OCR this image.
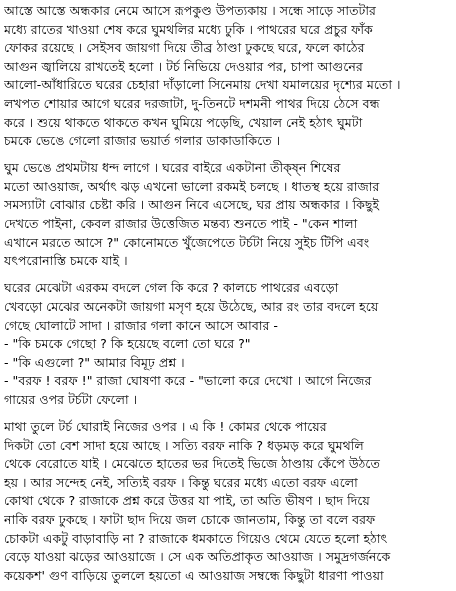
আস্তে আস্তে অন্ধকার নেমে আসে রূপকুণ্ড উপত্যকায় । সন্ধে সাড়ে সাতটার
মধ্যে রাতের খাওয়া শেষ করে ঘুমথলির মধ্যে ঢুকি । পাথরের ঘরে প্রচুর ফাঁক
ফোকর রয়েছে । সেইসব জায়গা দিয়ে তীব্র ঠাণ্ডা ঢুকছে ঘরে, ফলে কাঠের
আগুন জ্বালিয়ে রাখতেই হলো । টর্চ নিভিয়ে দেওয়ার পর, চাপা আগুনের
আলো-আঁধারিতে ঘরের চেহারা দাঁড়ালো সিনেমায় দেখা যমালয়ের দৃশ্যের মতো ।
লখপত শোয়ার আগে ঘরের দরজাটা, দু-তিনটে দশমনী পাথর দিয়ে ঠেসে বন্ধ
করে । শুয়ে থাকতে থাকতে কখন ঘুমিয়ে পড়েছি, খেয়াল নেই হঠাৎ ঘুমটা
চমকে ভেঙে গেলো রাজার ভয়ার্ত গলার ডাকাডাকিতে ।
ঘুম ভেঙে প্রথমটায় ধন্দ লাগে । ঘরের বাইরে একটানা তীক্ষ্ন শিষের
মতো আওয়াজ, অর্থাৎ ঝড় এখনো ভালো রকমই চলছে । ধাতস্থ হয়ে রাজার
সমস্যাটা বোঝার চেষ্টা করি । আগুন নিবে এসেছে, ঘর প্রায় অন্ধকার । কিছুই
দেখতে পাইনা, কেবল রাজার উত্তেজিত মন্তব্য শুনতে পাই - "কেন শালা
এখানে মরতে আসে ?" কোনোমতে খুঁজেপেতে টর্চটা নিয়ে সুইচ টিপি এবং
যৎপরোনাস্তি চমকে যাই ।
ঘরের মেঝেটা এরকম বদলে গেল কি করে ? কালচে পাথরের এবড়ো
খেবড়ো মেঝের অনেকটা জায়গা মসৃণ হয়ে উঠেছে, আর রং তার বদলে হয়ে
গেছে ঘোলাটে সাদা । রাজার গলা কানে আসে আবার -
- "কি চমকে গেছো ? কি হয়েছে বলো তো ঘরে ?"
- "কি এগুলো ?" আমার বিমূঢ় প্রশ্ন ।
- "বরফ ! বরফ !" রাজা ঘোষণা করে - "ভালো করে দেখো । আগে নিজের
গায়ের ওপর টর্চটা ফেলো ।
মাথা তুলে টর্চ ঘোরাই নিজের ওপর । এ কি ! কোমর থেকে পায়ের
দিকটা তো বেশ সাদা হয়ে আছে । সত্যি বরফ নাকি ? ধড়মড় করে ঘুমথলি
থেকে বেরোতে যাই । মেঝেতে হাতের ভর দিতেই ভিজে ঠাণ্ডায় কেঁপে উঠতে
হয় । আর সন্দেহ নেই, সত্যিই বরফ । কিন্তু ঘরের মধ্যে এতো বরফ এলো
কোথা থেকে ? রাজাকে প্রশ্ন করে উত্তর যা পাই, তা অতি ভীষণ । ছাদ দিয়ে
নাকি বরফ ঢুকছে । ফাটা ছাদ দিয়ে জল চোকে জানতাম, কিন্তু তা বলে বরফ
চোকটা একটু বাড়াবাড়ি না ? রাজাকে ধমকাতে গিয়েও থেমে যেতে হলো হঠাৎ
বেড়ে যাওয়া ঝড়ের আওয়াজে । সে এক অতিপ্রাকৃত আওয়াজ । সমুদ্রগর্জনকে
কয়েকশ' গুণ বাড়িয়ে তুললে হয়তো এ আওয়াজ সম্বন্ধে কিছুটা ধারণা পাওয়া
